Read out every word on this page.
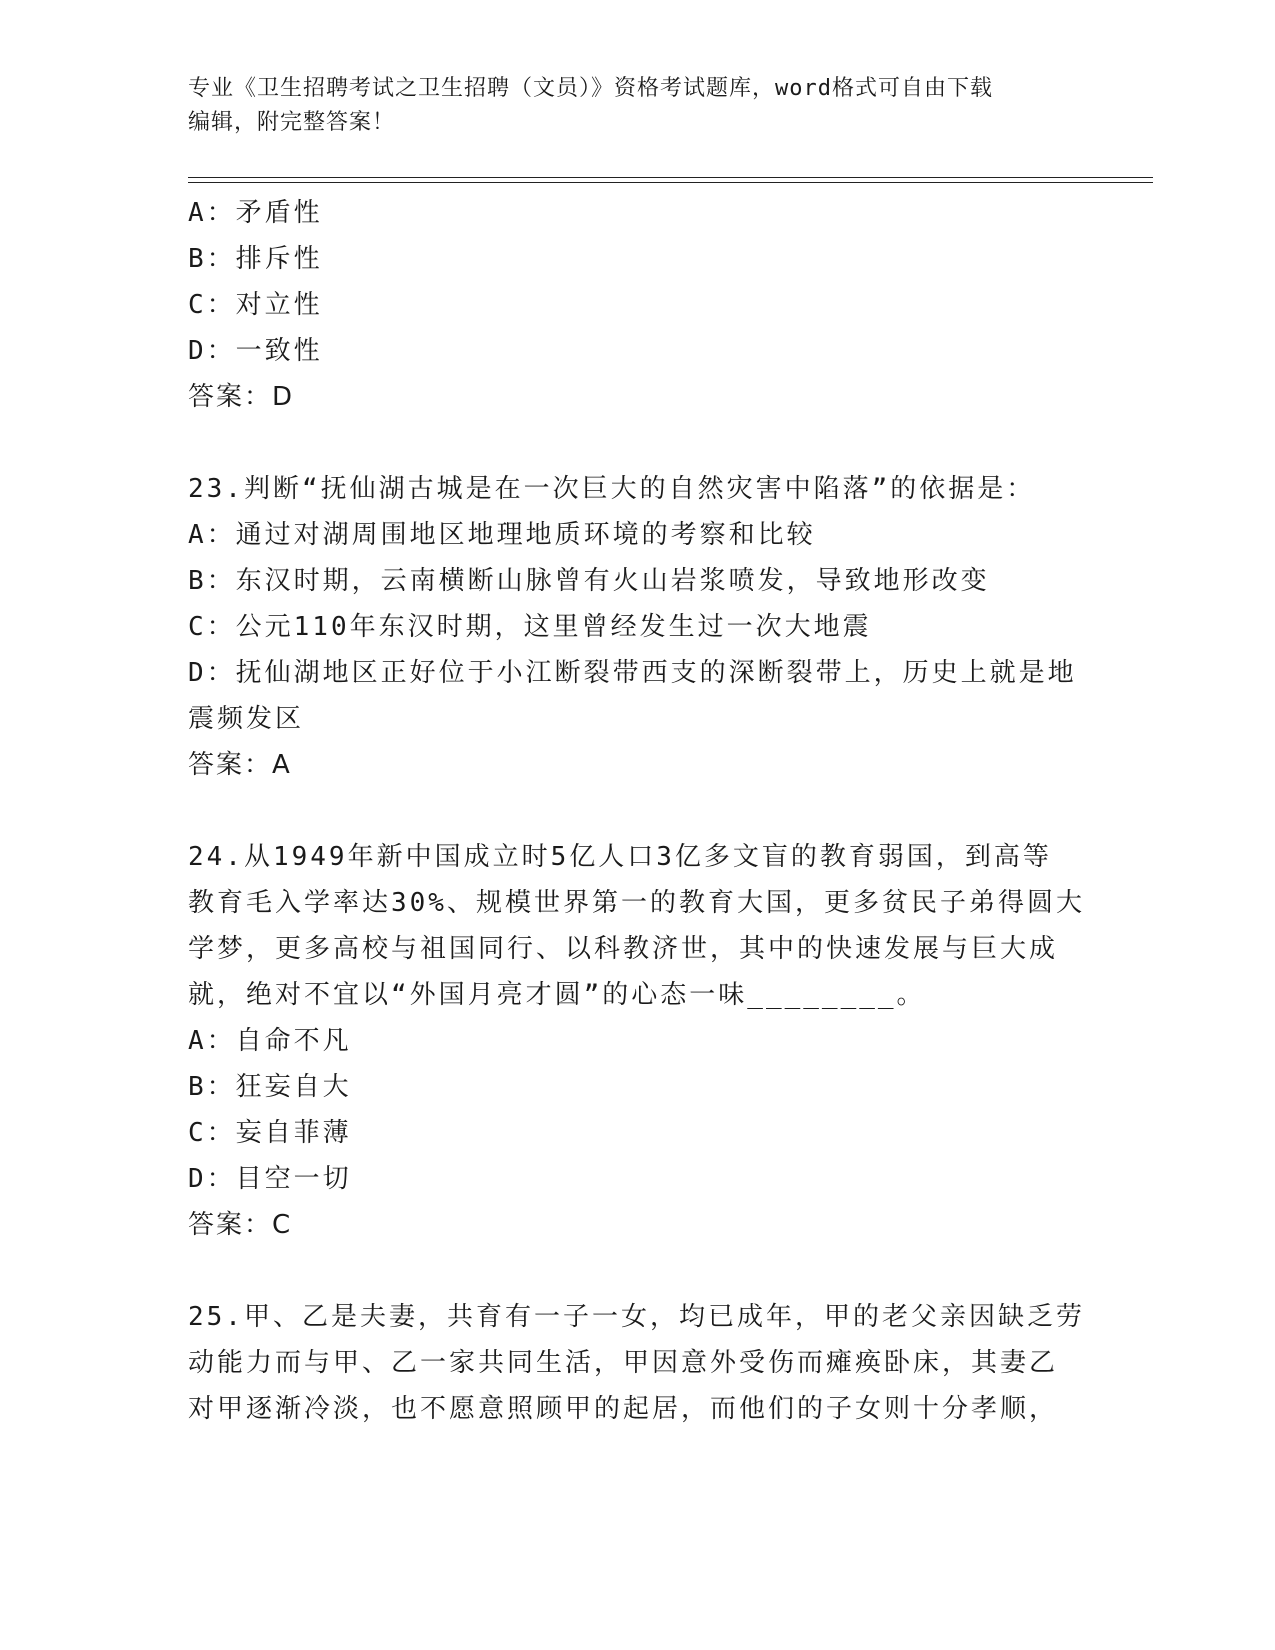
专业《卫生招聘考试之卫生招聘（文员）》资格考试题库，word格式可自由下载
编辑，附完整答案！
A：矛盾性
B：排斥性
C：对立性
D：一致性
答案：D
23.判断“抚仙湖古城是在一次巨大的自然灾害中陷落”的依据是：
A：通过对湖周围地区地理地质环境的考察和比较
B：东汉时期，云南横断山脉曾有火山岩浆喷发，导致地形改变
C：公元110年东汉时期，这里曾经发生过一次大地震
D：抚仙湖地区正好位于小江断裂带西支的深断裂带上，历史上就是地
震频发区
答案：A
24.从1949年新中国成立时5亿人口3亿多文盲的教育弱国，到高等
教育毛入学率达30%、规模世界第一的教育大国，更多贫民子弟得圆大
学梦，更多高校与祖国同行、以科教济世，其中的快速发展与巨大成
就，绝对不宜以“外国月亮才圆”的心态一味________。
A：自命不凡
B：狂妄自大
C：妄自菲薄
D：目空一切
答案：C
25.甲、乙是夫妻，共育有一子一女，均已成年，甲的老父亲因缺乏劳
动能力而与甲、乙一家共同生活，甲因意外受伤而瘫痪卧床，其妻乙
对甲逐渐冷淡，也不愿意照顾甲的起居，而他们的子女则十分孝顺，
